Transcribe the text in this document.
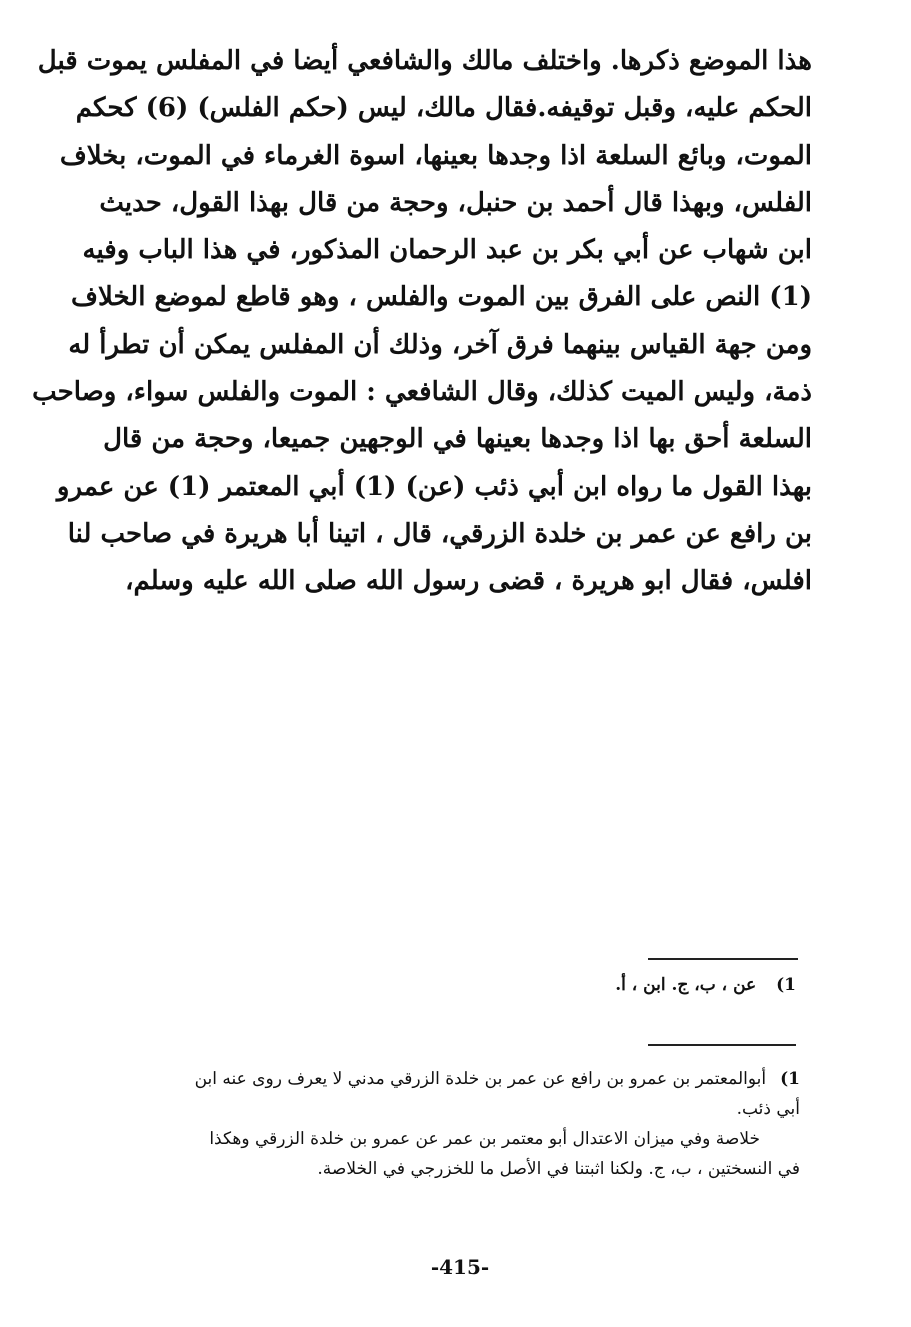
هذا الموضع ذكرها. واختلف مالك والشافعي أيضا في المفلس يموت قبل
الحكم عليه، وقبل توقيفه.فقال مالك، ليس (حكم الفلس) (6) كحكم
الموت، وبائع السلعة اذا وجدها بعينها، اسوة الغرماء في الموت، بخلاف
الفلس، وبهذا قال أحمد بن حنبل، وحجة من قال بهذا القول، حديث
ابن شهاب عن أبي بكر بن عبد الرحمان المذكور، في هذا الباب وفيه
(1) النص على الفرق بين الموت والفلس ، وهو قاطع لموضع الخلاف
ومن جهة القياس بينهما فرق آخر، وذلك أن المفلس يمكن أن تطرأ له
ذمة، وليس الميت كذلك، وقال الشافعي : الموت والفلس سواء، وصاحب
السلعة أحق بها اذا وجدها بعينها في الوجهين جميعا، وحجة من قال
بهذا القول ما رواه ابن أبي ذئب (عن) (1) أبي المعتمر (1) عن عمرو
بن رافع عن عمر بن خلدة الزرقي، قال ، اتينا أبا هريرة في صاحب لنا
افلس، فقال ابو هريرة ، قضى رسول الله صلى الله عليه وسلم،
1) عن ، ب، ج. ابن ، أ.
1)أبوالمعتمر بن عمرو بن رافع عن عمر بن خلدة الزرقي مدني لا يعرف روى عنه ابن
أبي ذئب.
خلاصة وفي ميزان الاعتدال أبو معتمر بن عمر عن عمرو بن خلدة الزرقي وهكذا
في النسختين ، ب، ج. ولكنا اثبتنا في الأصل ما للخزرجي في الخلاصة.
-415-
